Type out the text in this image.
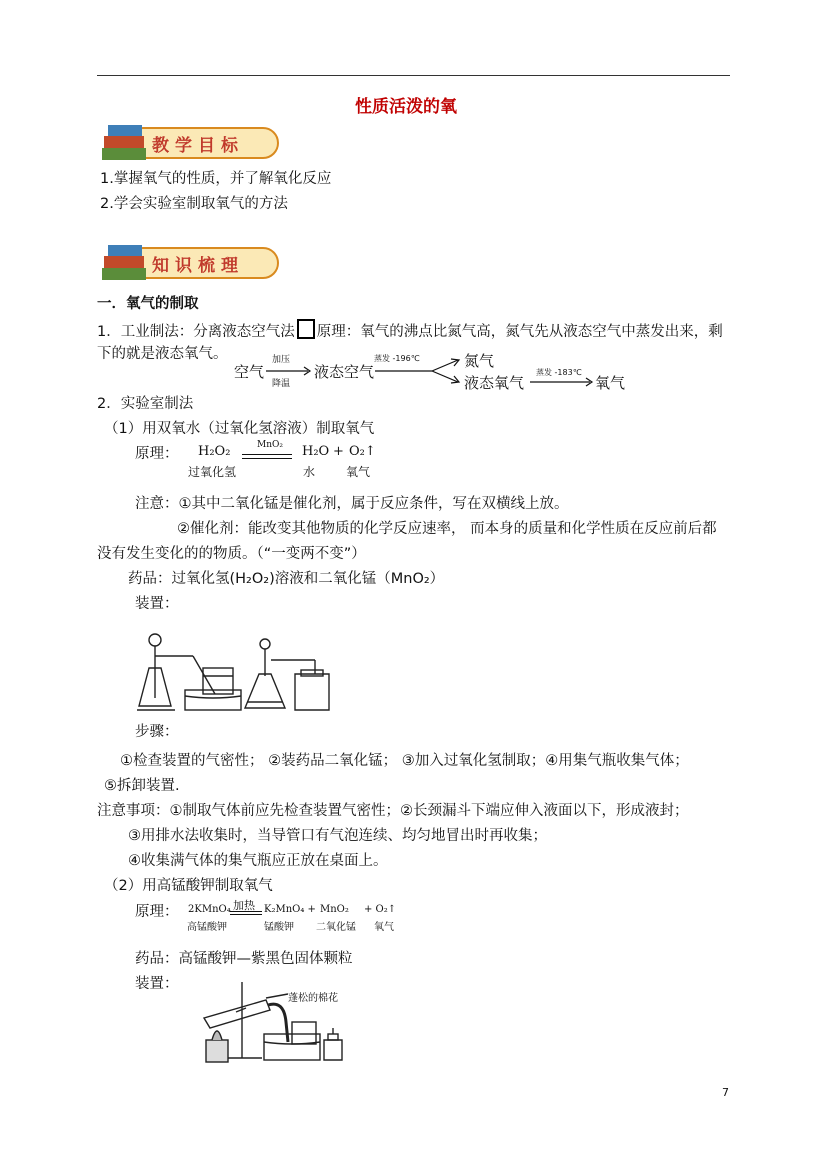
性质活泼的氧
教学目标
1.掌握氧气的性质，并了解氧化反应
2.学会实验室制取氧气的方法
知识梳理
一．氧气的制取
1．工业制法：分离液态空气法 原理：氧气的沸点比氮气高，氮气先从液态空气中蒸发出来，剩
下的就是液态氧气。
空气
加压
降温
液态空气
蒸发 -196℃	氮气
液态氧气
蒸发 -183℃
氧气
2．实验室制法
（1）用双氧水（过氧化氢溶液）制取氧气
原理： H₂O₂	MnO₂ H₂O + O₂↑
过氧化氢	水	氧气
注意：①其中二氧化锰是催化剂，属于反应条件，写在双横线上放。
②催化剂：能改变其他物质的化学反应速率， 而本身的质量和化学性质在反应前后都
没有发生变化的的物质。（“一变两不变”）
药品：过氧化氢(H₂O₂)溶液和二氧化锰（MnO₂）
装置：
步骤：
①检查装置的气密性； ②装药品二氧化锰； ③加入过氧化氢制取；④用集气瓶收集气体；
⑤拆卸装置.
注意事项：①制取气体前应先检查装置气密性；②长颈漏斗下端应伸入液面以下，形成液封；
③用排水法收集时，当导管口有气泡连续、均匀地冒出时再收集；
④收集满气体的集气瓶应正放在桌面上。
（2）用高锰酸钾制取氧气
原理： 2KMnO₄ 加热 K₂MnO₄ + MnO₂ + O₂↑
高锰酸钾	锰酸钾 二氧化锰 氧气
药品：高锰酸钾—紫黑色固体颗粒
装置：
蓬松的棉花
7
